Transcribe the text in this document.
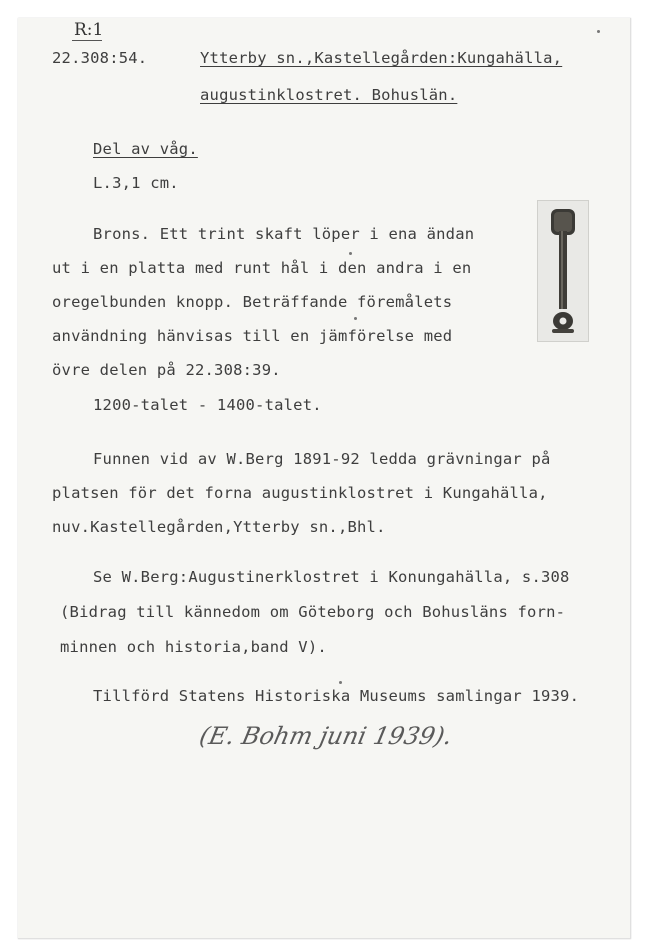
R:1
22.308:54.	Ytterby sn.,Kastellegården:Kungahälla,
augustinklostret. Bohuslän.
Del av våg.
L.3,1 cm.
Brons. Ett trint skaft löper i ena ändan
ut i en platta med runt hål i den andra i en
oregelbunden knopp. Beträffande föremålets
användning hänvisas till en jämförelse med
övre delen på 22.308:39.
1200-talet - 1400-talet.
Funnen vid av W.Berg 1891-92 ledda grävningar på
platsen för det forna augustinklostret i Kungahälla,
nuv.Kastellegården,Ytterby sn.,Bhl.
Se W.Berg:Augustinerklostret i Konungahälla, s.308
(Bidrag till kännedom om Göteborg och Bohusläns forn-
minnen och historia,band V).
Tillförd Statens Historiska Museums samlingar 1939.
(E. Bohm juni 1939).
